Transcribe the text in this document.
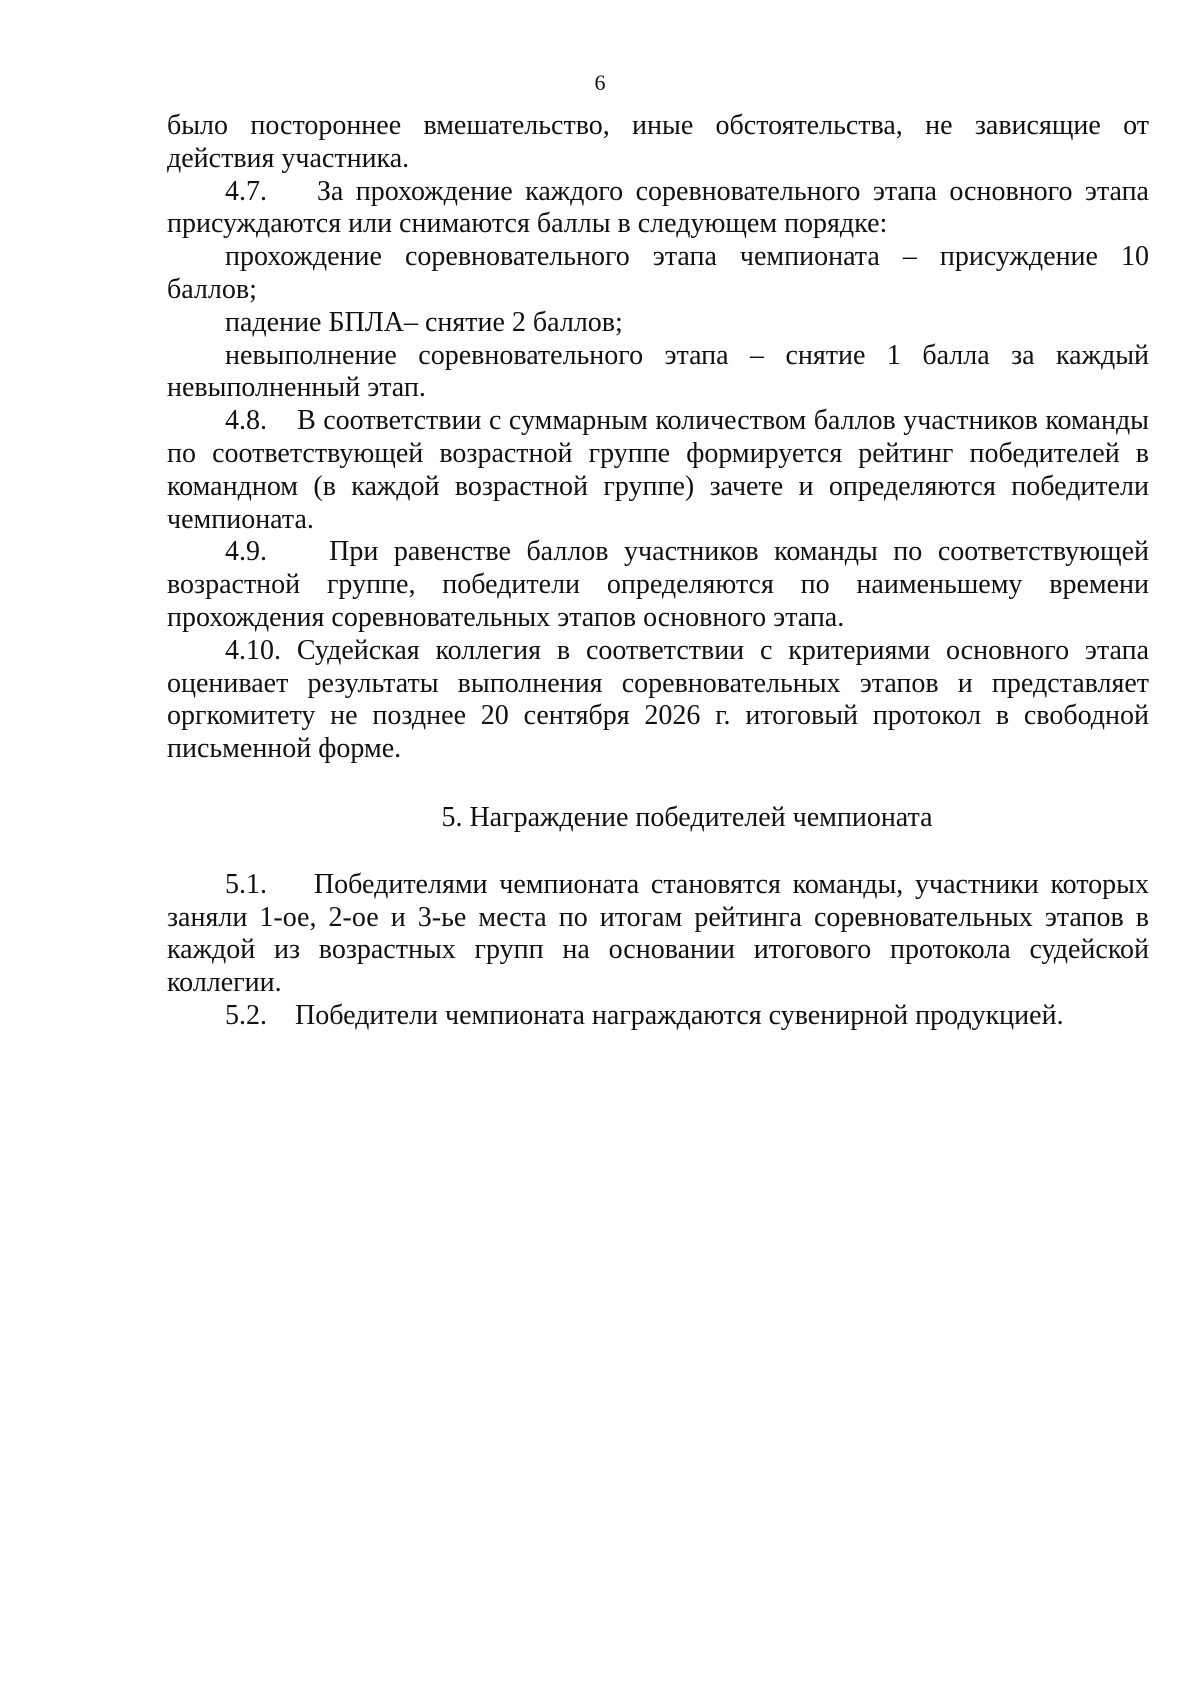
6

было постороннее вмешательство, иные обстоятельства, не зависящие от действия участника.

4.7.    За прохождение каждого соревновательного этапа основного этапа присуждаются или снимаются баллы в следующем порядке:

прохождение соревновательного этапа чемпионата – присуждение 10 баллов;

падение БПЛА– снятие 2 баллов;

невыполнение соревновательного этапа – снятие 1 балла за каждый невыполненный этап.

4.8.    В соответствии с суммарным количеством баллов участников команды по соответствующей возрастной группе формируется рейтинг победителей в командном (в каждой возрастной группе) зачете и определяются победители чемпионата.

4.9.    При равенстве баллов участников команды по соответствующей возрастной группе, победители определяются по наименьшему времени прохождения соревновательных этапов основного этапа.

4.10. Судейская коллегия в соответствии с критериями основного этапа оценивает результаты выполнения соревновательных этапов и представляет оргкомитету не позднее 20 сентября 2026 г. итоговый протокол в свободной письменной форме.

5. Награждение победителей чемпионата

5.1.    Победителями чемпионата становятся команды, участники которых заняли 1-ое, 2-ое и 3-ье места по итогам рейтинга соревновательных этапов в каждой из возрастных групп на основании итогового протокола судейской коллегии.

5.2.    Победители чемпионата награждаются сувенирной продукцией.
